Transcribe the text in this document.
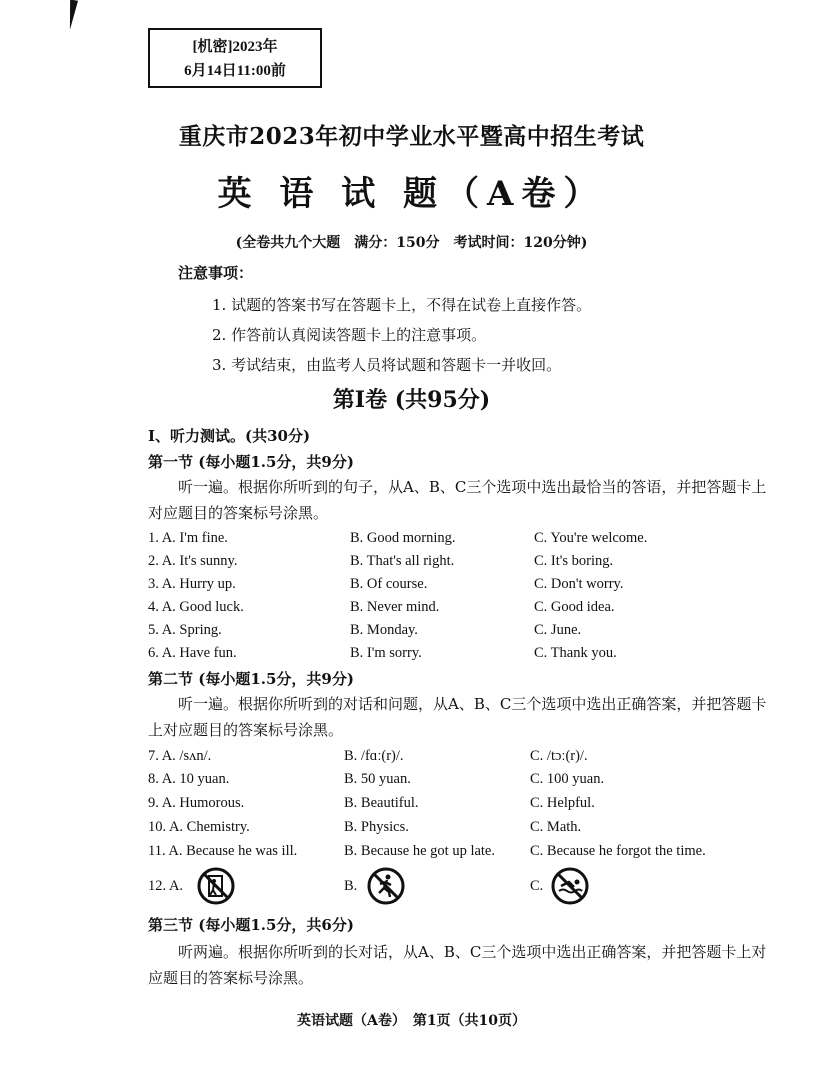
[机密]2023年
6月14日11:00前
重庆市2023年初中学业水平暨高中招生考试
英 语 试 题（A卷）
(全卷共九个大题　满分：150分　考试时间：120分钟)
注意事项：
1. 试题的答案书写在答题卡上，不得在试卷上直接作答。
2. 作答前认真阅读答题卡上的注意事项。
3. 考试结束，由监考人员将试题和答题卡一并收回。
第Ⅰ卷 (共95分)
Ⅰ、听力测试。(共30分)
第一节 (每小题1.5分，共9分)
听一遍。根据你所听到的句子，从A、B、C三个选项中选出最恰当的答语，并把答题卡上对应题目的答案标号涂黑。
1. A. I'm fine.	B. Good morning.	C. You're welcome.
2. A. It's sunny.	B. That's all right.	C. It's boring.
3. A. Hurry up.	B. Of course.	C. Don't worry.
4. A. Good luck.	B. Never mind.	C. Good idea.
5. A. Spring.	B. Monday.	C. June.
6. A. Have fun.	B. I'm sorry.	C. Thank you.
第二节 (每小题1.5分，共9分)
听一遍。根据你所听到的对话和问题，从A、B、C三个选项中选出正确答案，并把答题卡上对应题目的答案标号涂黑。
7. A. /sʌn/.	B. /fɑː(r)/.	C. /tɔː(r)/.
8. A. 10 yuan.	B. 50 yuan.	C. 100 yuan.
9. A. Humorous.	B. Beautiful.	C. Helpful.
10. A. Chemistry.	B. Physics.	C. Math.
11. A. Because he was ill.	B. Because he got up late. C. Because he forgot the time.
12. A.	B.	C.
第三节 (每小题1.5分，共6分)
听两遍。根据你所听到的长对话，从A、B、C三个选项中选出正确答案，并把答题卡上对应题目的答案标号涂黑。
英语试题（A卷）　第1页（共10页）
